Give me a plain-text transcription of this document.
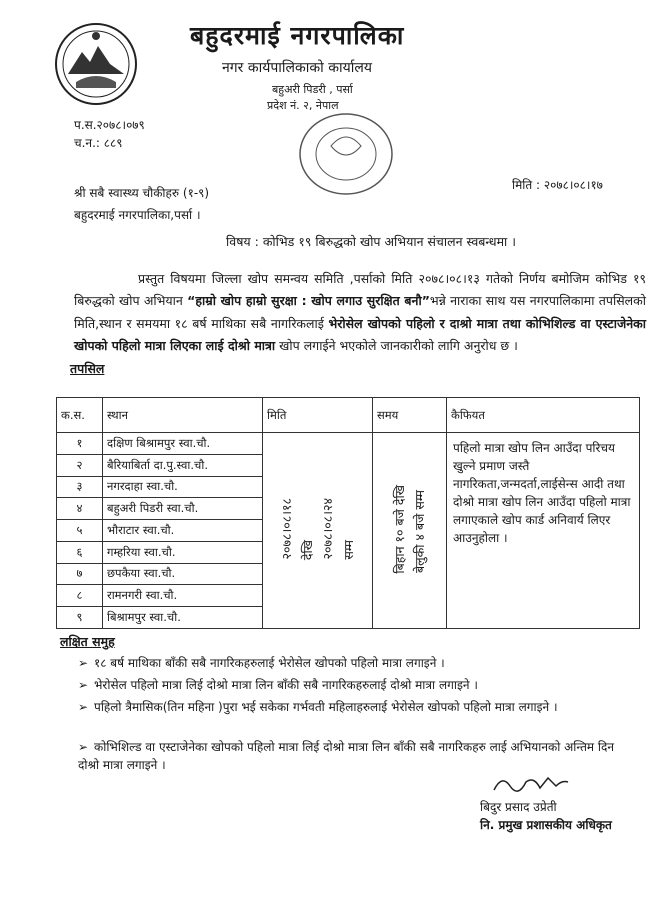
बहुदरमाई नगरपालिका
नगर कार्यपालिकाको कार्यालय
बहुअरी पिडरी , पर्सा
प्रदेश नं. २, नेपाल
प.स.२०७८।०७९
च.न.: ८८९
मिति : २०७८।०८।१७
श्री सबै स्वास्थ्य चौकीहरु (१-९)
बहुदरमाई नगरपालिका,पर्सा ।
विषय : कोभिड १९ बिरुद्धको खोप अभियान संचालन स्वबन्धमा ।
प्रस्तुत विषयमा जिल्ला खोप समन्वय समिति ,पर्साको मिति २०७८।०८।१३ गतेको निर्णय बमोजिम कोभिड १९ बिरुद्धको खोप अभियान “हाम्रो खोप हाम्रो सुरक्षा : खोप लगाउ सुरक्षित बनौ”भन्ने नाराका साथ यस नगरपालिकामा तपसिलको मिति,स्थान र समयमा १८ बर्ष माथिका सबै नागरिकलाई भेरोसेल खोपको पहिलो र दाश्रो मात्रा तथा कोभिशिल्ड वा एस्टाजेनेका खोपको पहिलो मात्रा लिएका लाई दोश्रो मात्रा खोप लगाईने भएकोले जानकारीको लागि अनुरोध छ ।
तपसिल
क.स.	स्थान	मिति	समय	कैफियत
१	दक्षिण बिश्रामपुर स्वा.चौ.	२०७८।०८।१८ देखि २०७८।०८।२४ सम्म	बिहान १० बजे देखि बेलुकी ४ बजे सम्म	पहिलो मात्रा खोप लिन आउँदा परिचय खुल्ने प्रमाण जस्तै नागरिकता,जन्मदर्ता,लाईसेन्स आदी तथा दोश्रो मात्रा खोप लिन आउँदा पहिलो मात्रा लगाएकाले खोप कार्ड अनिवार्य लिएर आउनुहोला ।
२	बैरियाबिर्ता दा.पु.स्वा.चौ.			
३	नगरदाहा स्वा.चौ.			
४	बहुअरी पिडरी स्वा.चौ.			
५	भौराटार स्वा.चौ.			
६	गम्हरिया स्वा.चौ.			
७	छपकैया स्वा.चौ.			
८	रामनगरी स्वा.चौ.			
९	बिश्रामपुर स्वा.चौ.			
लक्षित समुह
➢ १८ बर्ष माथिका बाँकी सबै नागरिकहरुलाई भेरोसेल खोपको पहिलो मात्रा लगाइने ।
➢ भेरोसेल पहिलो मात्रा लिई दोश्रो मात्रा लिन बाँकी सबै नागरिकहरुलाई दोश्रो मात्रा लगाइने ।
➢ पहिलो त्रैमासिक(तिन महिना )पुरा भई सकेका गर्भवती महिलाहरुलाई भेरोसेल खोपको पहिलो मात्रा लगाइने ।
➢ कोभिशिल्ड वा एस्टाजेनेका खोपको पहिलो मात्रा लिई दोश्रो मात्रा लिन बाँकी सबै नागरिकहरु लाई अभियानको अन्तिम दिन दोश्रो मात्रा लगाइने ।
बिदुर प्रसाद उप्रेती
नि. प्रमुख प्रशासकीय अधिकृत
